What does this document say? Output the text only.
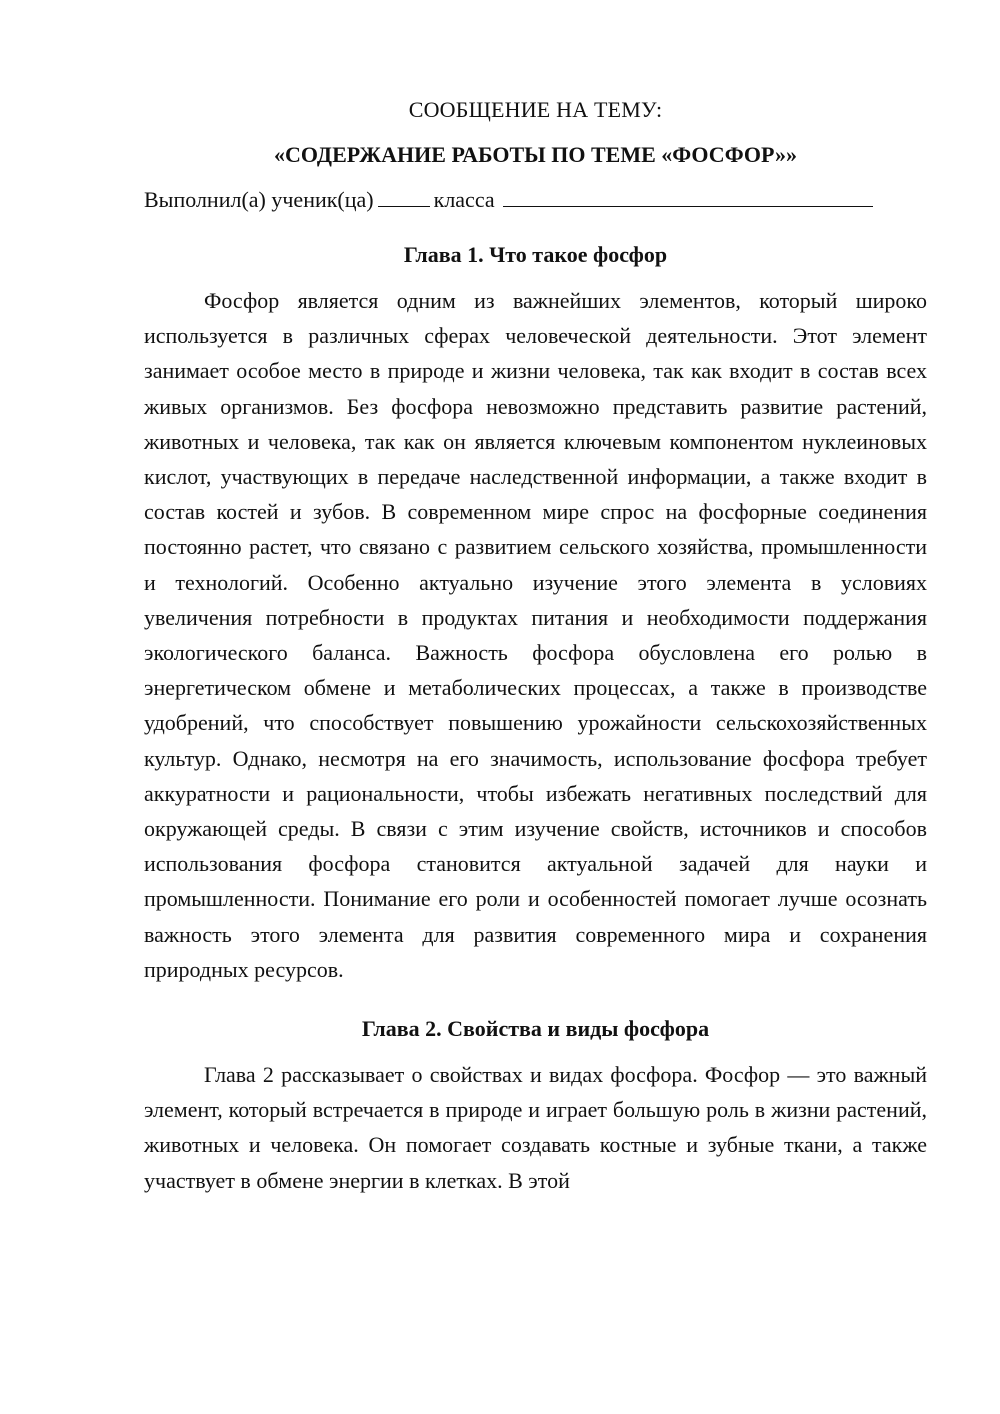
СООБЩЕНИЕ НА ТЕМУ:

«СОДЕРЖАНИЕ РАБОТЫ ПО ТЕМЕ «ФОСФОР»»

Выполнил(а) ученик(ца)	класса

Глава 1. Что такое фосфор

Фосфор является одним из важнейших элементов, который широко используется в различных сферах человеческой деятельности. Этот элемент занимает особое место в природе и жизни человека, так как входит в состав всех живых организмов. Без фосфора невозможно представить развитие растений, животных и человека, так как он является ключевым компонентом нуклеиновых кислот, участвующих в передаче наследственной информации, а также входит в состав костей и зубов. В современном мире спрос на фосфорные соединения постоянно растет, что связано с развитием сельского хозяйства, промышленности и технологий. Особенно актуально изучение этого элемента в условиях увеличения потребности в продуктах питания и необходимости поддержания экологического баланса. Важность фосфора обусловлена его ролью в энергетическом обмене и метаболических процессах, а также в производстве удобрений, что способствует повышению урожайности сельскохозяйственных культур. Однако, несмотря на его значимость, использование фосфора требует аккуратности и рациональности, чтобы избежать негативных последствий для окружающей среды. В связи с этим изучение свойств, источников и способов использования фосфора становится актуальной задачей для науки и промышленности. Понимание его роли и особенностей помогает лучше осознать важность этого элемента для развития современного мира и сохранения природных ресурсов.

Глава 2. Свойства и виды фосфора

Глава 2 рассказывает о свойствах и видах фосфора. Фосфор — это важный элемент, который встречается в природе и играет большую роль в жизни растений, животных и человека. Он помогает создавать костные и зубные ткани, а также участвует в обмене энергии в клетках. В этой
